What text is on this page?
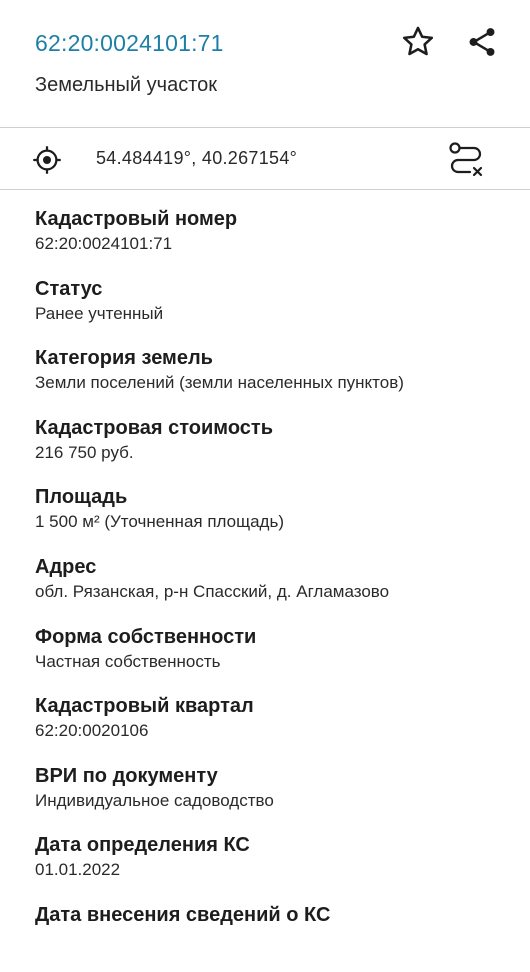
62:20:0024101:71
Земельный участок
54.484419°, 40.267154°
Кадастровый номер
62:20:0024101:71
Статус
Ранее учтенный
Категория земель
Земли поселений (земли населенных пунктов)
Кадастровая стоимость
216 750 руб.
Площадь
1 500 м² (Уточненная площадь)
Адрес
обл. Рязанская, р-н Спасский, д. Агламазово
Форма собственности
Частная собственность
Кадастровый квартал
62:20:0020106
ВРИ по документу
Индивидуальное садоводство
Дата определения КС
01.01.2022
Дата внесения сведений о КС
